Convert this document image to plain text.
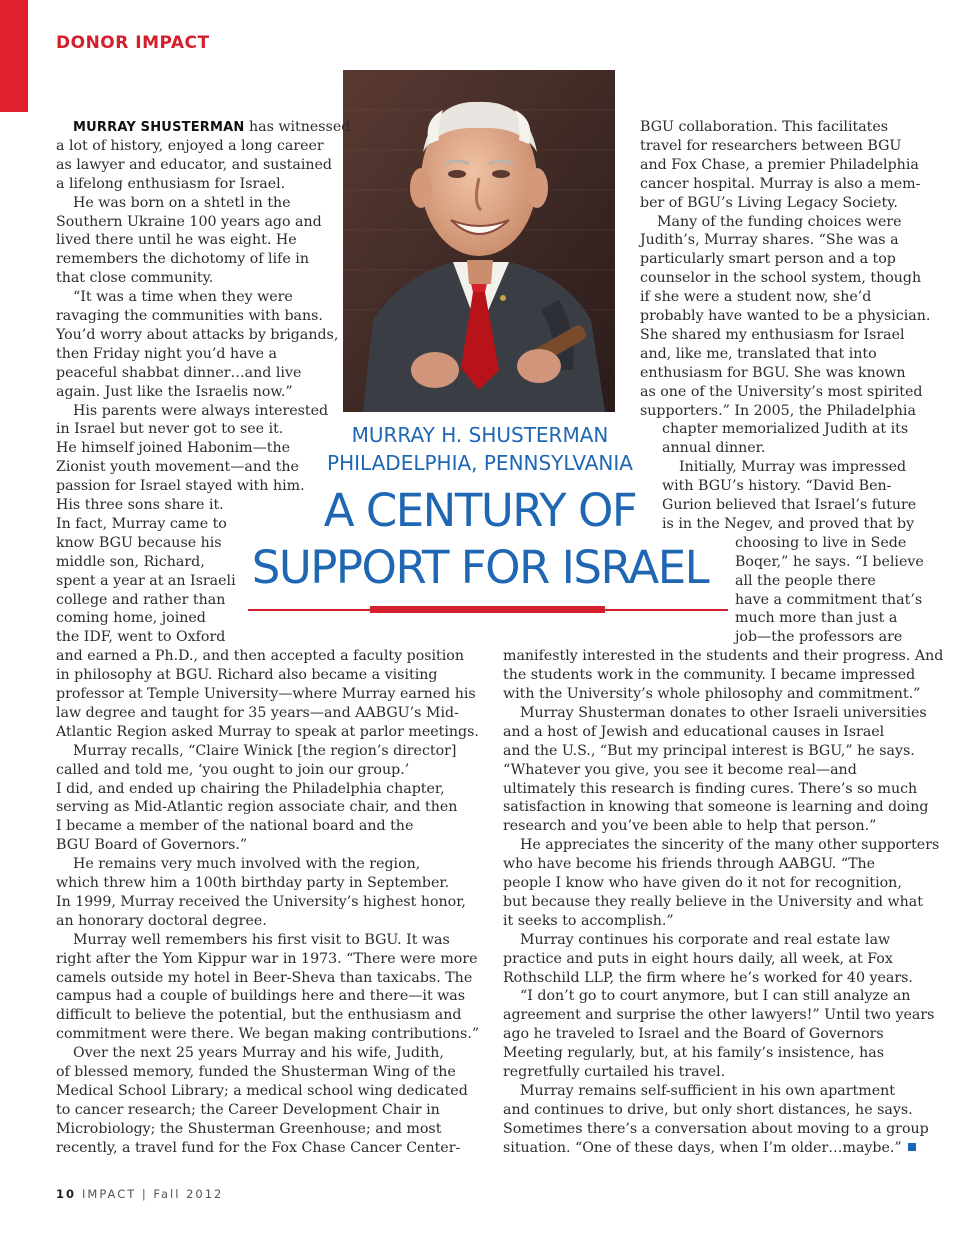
DONOR IMPACT
MURRAY H. SHUSTERMAN
PHILADELPHIA, PENNSYLVANIA
A CENTURY OF
SUPPORT FOR ISRAEL
MURRAY SHUSTERMAN has witnessed
a lot of history, enjoyed a long career
as lawyer and educator, and sustained
a lifelong enthusiasm for Israel.
He was born on a shtetl in the
Southern Ukraine 100 years ago and
lived there until he was eight. He
remembers the dichotomy of life in
that close community.
“It was a time when they were
ravaging the communities with bans.
You’d worry about attacks by brigands,
then Friday night you’d have a
peaceful shabbat dinner…and live
again. Just like the Israelis now.”
His parents were always interested
in Israel but never got to see it.
He himself joined Habonim—the
Zionist youth movement—and the
passion for Israel stayed with him.
His three sons share it.
In fact, Murray came to
know BGU because his
middle son, Richard,
spent a year at an Israeli
college and rather than
coming home, joined
the IDF, went to Oxford
and earned a Ph.D., and then accepted a faculty position
in philosophy at BGU. Richard also became a visiting
professor at Temple University—where Murray earned his
law degree and taught for 35 years—and AABGU’s Mid-
Atlantic Region asked Murray to speak at parlor meetings.
Murray recalls, “Claire Winick [the region’s director]
called and told me, ‘you ought to join our group.’
I did, and ended up chairing the Philadelphia chapter,
serving as Mid-Atlantic region associate chair, and then
I became a member of the national board and the
BGU Board of Governors.”
He remains very much involved with the region,
which threw him a 100th birthday party in September.
In 1999, Murray received the University’s highest honor,
an honorary doctoral degree.
Murray well remembers his first visit to BGU. It was
right after the Yom Kippur war in 1973. “There were more
camels outside my hotel in Beer-Sheva than taxicabs. The
campus had a couple of buildings here and there—it was
difficult to believe the potential, but the enthusiasm and
commitment were there. We began making contributions.”
Over the next 25 years Murray and his wife, Judith,
of blessed memory, funded the Shusterman Wing of the
Medical School Library; a medical school wing dedicated
to cancer research; the Career Development Chair in
Microbiology; the Shusterman Greenhouse; and most
recently, a travel fund for the Fox Chase Cancer Center-
BGU collaboration. This facilitates
travel for researchers between BGU
and Fox Chase, a premier Philadelphia
cancer hospital. Murray is also a mem-
ber of BGU’s Living Legacy Society.
Many of the funding choices were
Judith’s, Murray shares. “She was a
particularly smart person and a top
counselor in the school system, though
if she were a student now, she’d
probably have wanted to be a physician.
She shared my enthusiasm for Israel
and, like me, translated that into
enthusiasm for BGU. She was known
as one of the University’s most spirited
supporters.” In 2005, the Philadelphia
chapter memorialized Judith at its
annual dinner.
Initially, Murray was impressed
with BGU’s history. “David Ben-
Gurion believed that Israel’s future
is in the Negev, and proved that by
choosing to live in Sede
Boqer,” he says. “I believe
all the people there
have a commitment that’s
much more than just a
job—the professors are
manifestly interested in the students and their progress. And
the students work in the community. I became impressed
with the University’s whole philosophy and commitment.”
Murray Shusterman donates to other Israeli universities
and a host of Jewish and educational causes in Israel
and the U.S., “But my principal interest is BGU,” he says.
“Whatever you give, you see it become real—and
ultimately this research is finding cures. There’s so much
satisfaction in knowing that someone is learning and doing
research and you’ve been able to help that person.”
He appreciates the sincerity of the many other supporters
who have become his friends through AABGU. “The
people I know who have given do it not for recognition,
but because they really believe in the University and what
it seeks to accomplish.”
Murray continues his corporate and real estate law
practice and puts in eight hours daily, all week, at Fox
Rothschild LLP, the firm where he’s worked for 40 years.
“I don’t go to court anymore, but I can still analyze an
agreement and surprise the other lawyers!” Until two years
ago he traveled to Israel and the Board of Governors
Meeting regularly, but, at his family’s insistence, has
regretfully curtailed his travel.
Murray remains self-sufficient in his own apartment
and continues to drive, but only short distances, he says.
Sometimes there’s a conversation about moving to a group
situation. “One of these days, when I’m older…maybe.”
10 IMPACT | Fall 2012
